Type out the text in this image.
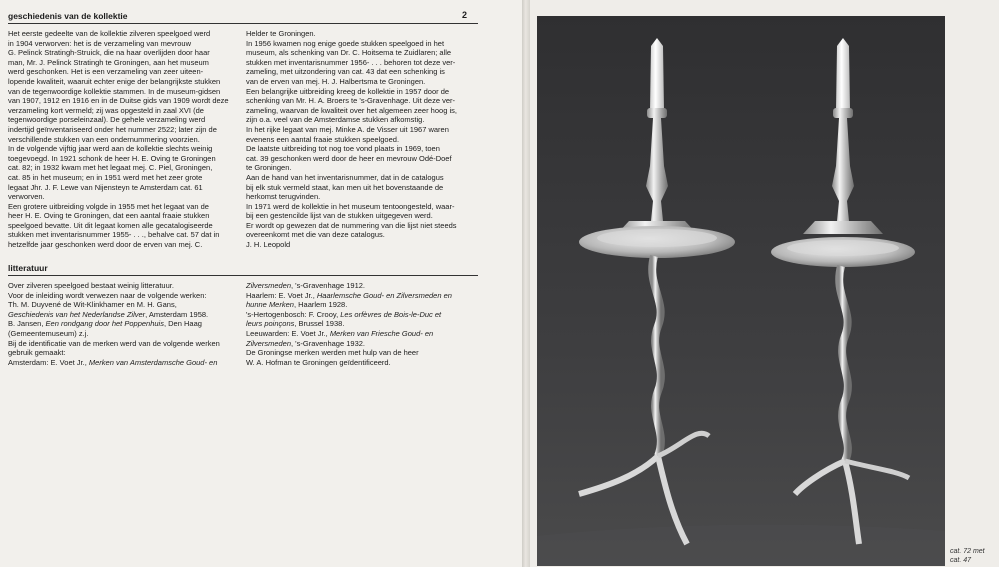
geschiedenis van de kollektie	2
Het eerste gedeelte van de kollektie zilveren speelgoed werd
in 1904 verworven: het is de verzameling van mevrouw
G. Pelinck Stratingh-Struick, die na haar overlijden door haar
man, Mr. J. Pelinck Stratingh te Groningen, aan het museum
werd geschonken. Het is een verzameling van zeer uiteen-
lopende kwaliteit, waaruit echter enige der belangrijkste stukken
van de tegenwoordige kollektie stammen. In de museum-gidsen
van 1907, 1912 en 1916 en in de Duitse gids van 1909 wordt deze
verzameling kort vermeld; zij was opgesteld in zaal XVI (de
tegenwoordige porseleinzaal). De gehele verzameling werd
indertijd geïnventariseerd onder het nummer 2522; later zijn de
verschillende stukken van een ondernummering voorzien.
In de volgende vijftig jaar werd aan de kollektie slechts weinig
toegevoegd. In 1921 schonk de heer H. E. Oving te Groningen
cat. 82; in 1932 kwam met het legaat mej. C. Piel, Groningen,
cat. 85 in het museum; en in 1951 werd met het zeer grote
legaat Jhr. J. F. Lewe van Nijensteyn te Amsterdam cat. 61
verworven.
Een grotere uitbreiding volgde in 1955 met het legaat van de
heer H. E. Oving te Groningen, dat een aantal fraaie stukken
speelgoed bevatte. Uit dit legaat komen alle gecatalogiseerde
stukken met inventarisnummer 1955- . . ., behalve cat. 57 dat in
hetzelfde jaar geschonken werd door de erven van mej. C.
Helder te Groningen.
In 1956 kwamen nog enige goede stukken speelgoed in het
museum, als schenking van Dr. C. Hoitsema te Zuidlaren; alle
stukken met inventarisnummer 1956- . . . behoren tot deze ver-
zameling, met uitzondering van cat. 43 dat een schenking is
van de erven van mej. H. J. Halbertsma te Groningen.
Een belangrijke uitbreiding kreeg de kollektie in 1957 door de
schenking van Mr. H. A. Broers te 's-Gravenhage. Uit deze ver-
zameling, waarvan de kwaliteit over het algemeen zeer hoog is,
zijn o.a. veel van de Amsterdamse stukken afkomstig.
In het rijke legaat van mej. Minke A. de Visser uit 1967 waren
evenens een aantal fraaie stukken speelgoed.
De laatste uitbreiding tot nog toe vond plaats in 1969, toen
cat. 39 geschonken werd door de heer en mevrouw Odé-Doef
te Groningen.
Aan de hand van het inventarisnummer, dat in de catalogus
bij elk stuk vermeld staat, kan men uit het bovenstaande de
herkomst terugvinden.
In 1971 werd de kollektie in het museum tentoongesteld, waar-
bij een gestencilde lijst van de stukken uitgegeven werd.
Er wordt op gewezen dat de nummering van die lijst niet steeds
overeenkomt met die van deze catalogus.
J. H. Leopold
litteratuur
Over zilveren speelgoed bestaat weinig litteratuur.
Voor de inleiding wordt verwezen naar de volgende werken:
Th. M. Duyvené de Wit-Klinkhamer en M. H. Gans,
Geschiedenis van het Nederlandse Zilver, Amsterdam 1958.
B. Jansen, Een rondgang door het Poppenhuis, Den Haag
(Gemeentemuseum) z.j.
Bij de identificatie van de merken werd van de volgende werken
gebruik gemaakt:
Amsterdam: E. Voet Jr., Merken van Amsterdamsche Goud- en
Zilversmeden, 's-Gravenhage 1912.
Haarlem: E. Voet Jr., Haarlemsche Goud- en Zilversmeden en
hunne Merken, Haarlem 1928.
's-Hertogenbosch: F. Crooy, Les orfèvres de Bois-le-Duc et
leurs poinçons, Brussel 1938.
Leeuwarden: E. Voet Jr., Merken van Friesche Goud- en
Zilversmeden, 's-Gravenhage 1932.
De Groningse merken werden met hulp van de heer
W. A. Hofman te Groningen geïdentificeerd.
cat. 72 met
cat. 47
